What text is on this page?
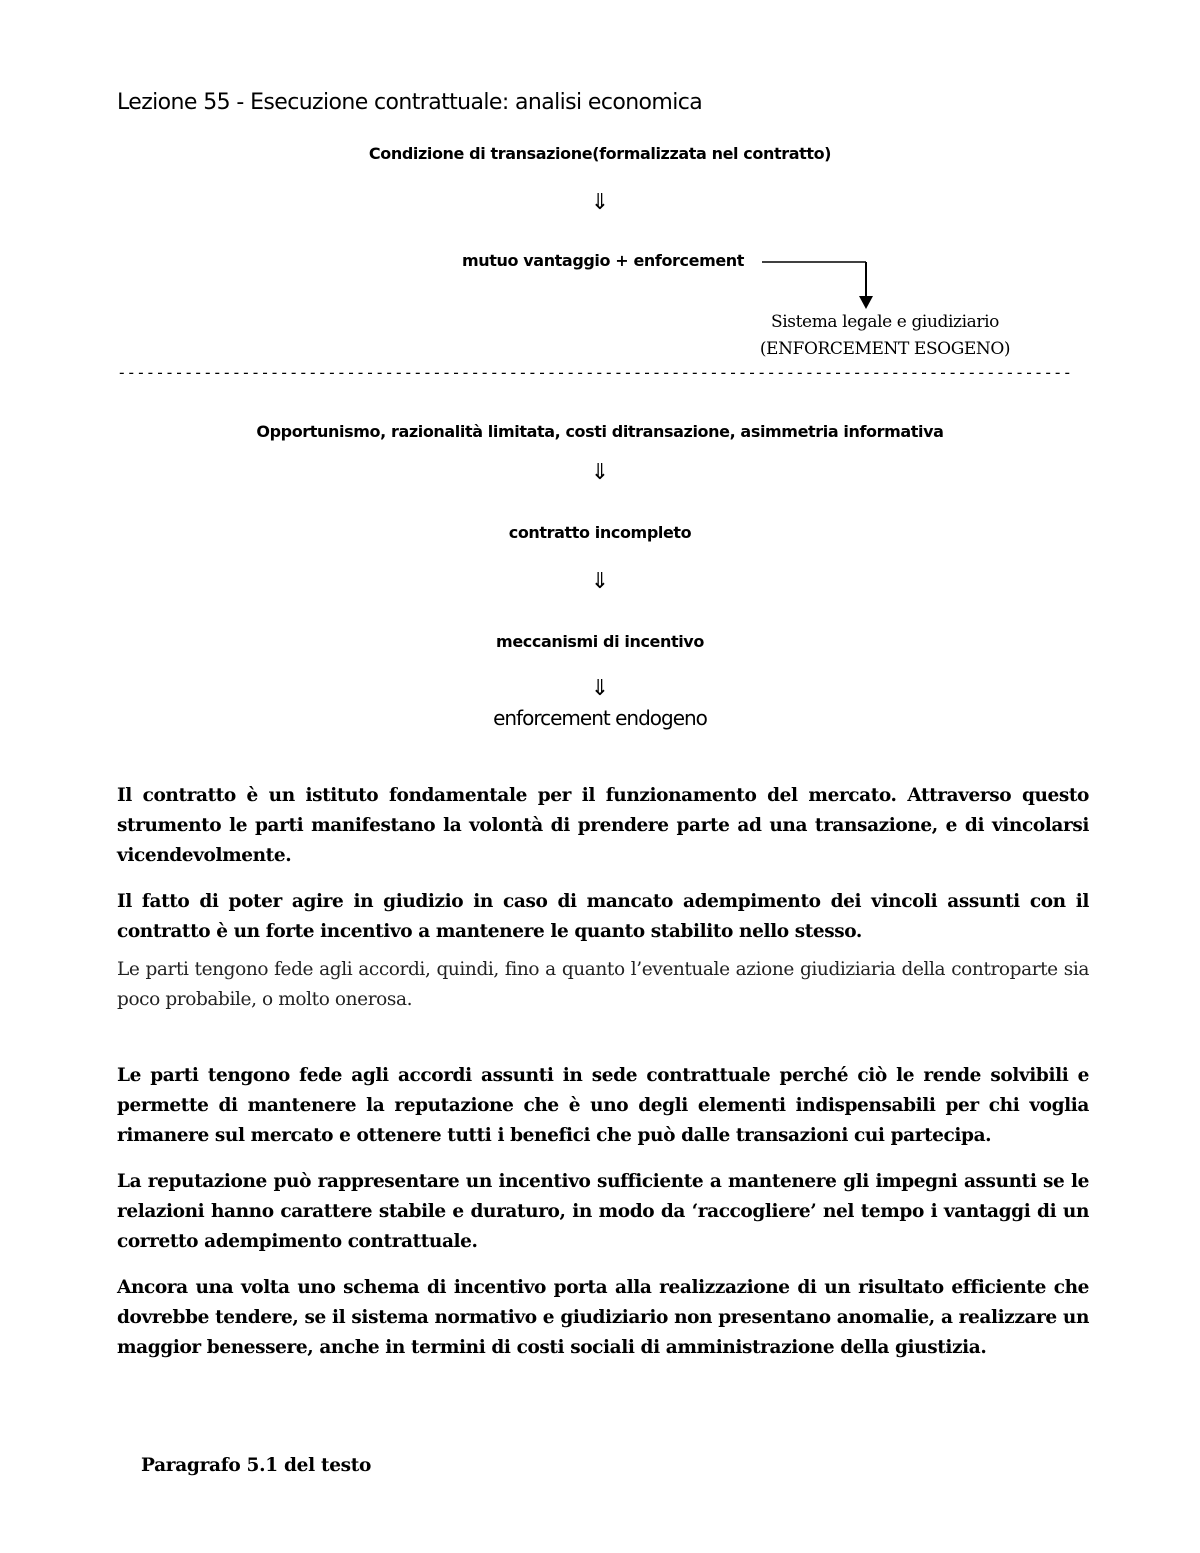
Lezione 55 - Esecuzione contrattuale: analisi economica
Condizione di transazione(formalizzata nel contratto)
⇓
mutuo vantaggio + enforcement
Sistema legale e giudiziario
(ENFORCEMENT ESOGENO)
----------------------------------------------------------------------------------------------------
Opportunismo, razionalità limitata, costi ditransazione, asimmetria informativa
⇓
contratto incompleto
⇓
meccanismi di incentivo
⇓
enforcement endogeno
Il contratto è un istituto fondamentale per il funzionamento del mercato. Attraverso questo strumento le parti manifestano la volontà di prendere parte ad una transazione, e di vincolarsi vicendevolmente.
Il fatto di poter agire in giudizio in caso di mancato adempimento dei vincoli assunti con il contratto è un forte incentivo a mantenere le quanto stabilito nello stesso.
Le parti tengono fede agli accordi, quindi, fino a quanto l’eventuale azione giudiziaria della controparte sia poco probabile, o molto onerosa.
Le parti tengono fede agli accordi assunti in sede contrattuale perché ciò le rende solvibili e permette di mantenere la reputazione che è uno degli elementi indispensabili per chi voglia rimanere sul mercato e ottenere tutti i benefici che può dalle transazioni cui partecipa.
La reputazione può rappresentare un incentivo sufficiente a mantenere gli impegni assunti se le relazioni hanno carattere stabile e duraturo, in modo da ‘raccogliere’ nel tempo i vantaggi di un corretto adempimento contrattuale.
Ancora una volta uno schema di incentivo porta alla realizzazione di un risultato efficiente che dovrebbe tendere, se il sistema normativo e giudiziario non presentano anomalie, a realizzare un maggior benessere, anche in termini di costi sociali di amministrazione della giustizia.
Paragrafo 5.1 del testo
